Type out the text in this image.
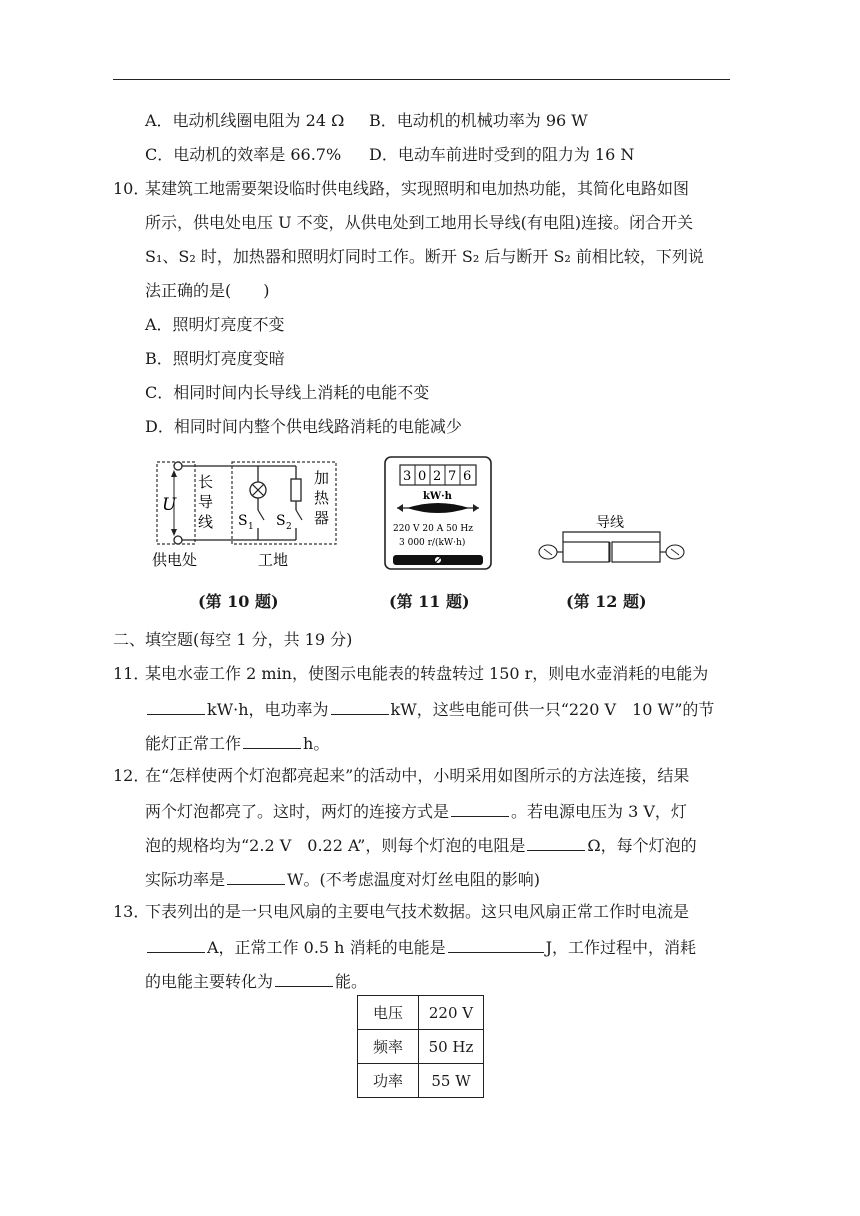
A．电动机线圈电阻为 24 Ω B．电动机的机械功率为 96 W
C．电动机的效率是 66.7% D．电动车前进时受到的阻力为 16 N
10．
某建筑工地需要架设临时供电线路，实现照明和电加热功能，其简化电路如图
所示，供电处电压 U 不变，从供电处到工地用长导线(有电阻)连接。闭合开关
S₁、S₂ 时，加热器和照明灯同时工作。断开 S₂ 后与断开 S₂ 前相比较，下列说
法正确的是(　　)
A．照明灯亮度不变
B．照明灯亮度变暗
C．相同时间内长导线上消耗的电能不变
D．相同时间内整个供电线路消耗的电能减少
U
长
导
线
加
热
器
S 1 S 2
供电处	工地
(第 10 题)
3 0 2 7 6
kW·h
220 V 20 A 50 Hz
3 000 r/(kW·h)
(第 11 题)
导线
(第 12 题)
二、填空题(每空 1 分，共 19 分)
11．
某电水壶工作 2 min，使图示电能表的转盘转过 150 r，则电水壶消耗的电能为
kW·h，电功率为	kW，这些电能可供一只“220 V　10 W”的节
能灯正常工作	h。
12．
在“怎样使两个灯泡都亮起来”的活动中，小明采用如图所示的方法连接，结果
两个灯泡都亮了。这时，两灯的连接方式是	。若电源电压为 3 V，灯
泡的规格均为“2.2 V　0.22 A”，则每个灯泡的电阻是	Ω，每个灯泡的
实际功率是	W。(不考虑温度对灯丝电阻的影响)
13．
下表列出的是一只电风扇的主要电气技术数据。这只电风扇正常工作时电流是
A，正常工作 0.5 h 消耗的电能是	J，工作过程中，消耗
的电能主要转化为	能。
电压	220 V
频率	50 Hz
功率	55 W
